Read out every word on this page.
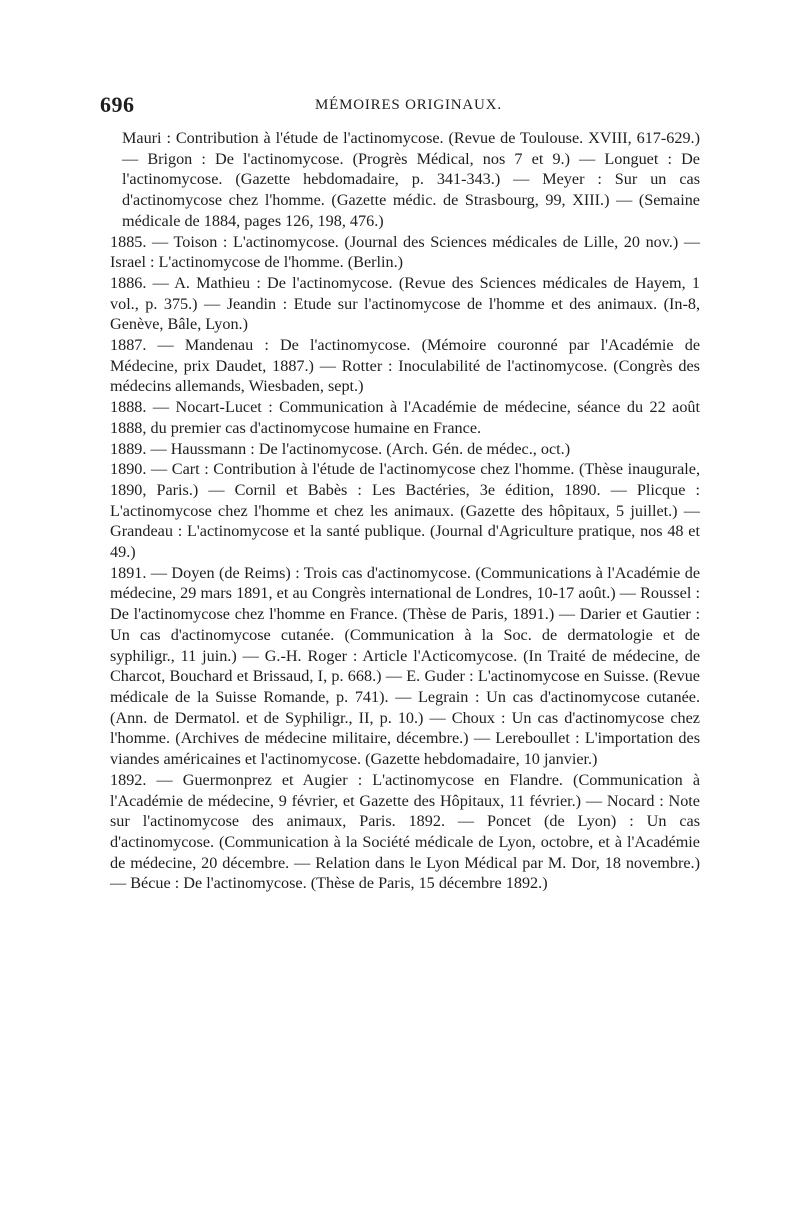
696	MÉMOIRES ORIGINAUX.

Mauri : Contribution à l'étude de l'actinomycose. (Revue de Toulouse. XVIII, 617-629.) — Brigon : De l'actinomycose. (Progrès Médical, nos 7 et 9.) — Longuet : De l'actinomycose. (Gazette hebdomadaire, p. 341-343.) — Meyer : Sur un cas d'actinomycose chez l'homme. (Gazette médic. de Strasbourg, 99, XIII.) — (Semaine médicale de 1884, pages 126, 198, 476.)

1885. — Toison : L'actinomycose. (Journal des Sciences médicales de Lille, 20 nov.) — Israel : L'actinomycose de l'homme. (Berlin.)

1886. — A. Mathieu : De l'actinomycose. (Revue des Sciences médicales de Hayem, 1 vol., p. 375.) — Jeandin : Etude sur l'actinomycose de l'homme et des animaux. (In-8, Genève, Bâle, Lyon.)

1887. — Mandenau : De l'actinomycose. (Mémoire couronné par l'Académie de Médecine, prix Daudet, 1887.) — Rotter : Inoculabilité de l'actinomycose. (Congrès des médecins allemands, Wiesbaden, sept.)

1888. — Nocart-Lucet : Communication à l'Académie de médecine, séance du 22 août 1888, du premier cas d'actinomycose humaine en France.

1889. — Haussmann : De l'actinomycose. (Arch. Gén. de médec., oct.)

1890. — Cart : Contribution à l'étude de l'actinomycose chez l'homme. (Thèse inaugurale, 1890, Paris.) — Cornil et Babès : Les Bactéries, 3e édition, 1890. — Plicque : L'actinomycose chez l'homme et chez les animaux. (Gazette des hôpitaux, 5 juillet.) — Grandeau : L'actinomycose et la santé publique. (Journal d'Agriculture pratique, nos 48 et 49.)

1891. — Doyen (de Reims) : Trois cas d'actinomycose. (Communications à l'Académie de médecine, 29 mars 1891, et au Congrès international de Londres, 10-17 août.) — Roussel : De l'actinomycose chez l'homme en France. (Thèse de Paris, 1891.) — Darier et Gautier : Un cas d'actinomycose cutanée. (Communication à la Soc. de dermatologie et de syphiligr., 11 juin.) — G.-H. Roger : Article l'Acticomycose. (In Traité de médecine, de Charcot, Bouchard et Brissaud, I, p. 668.) — E. Guder : L'actinomycose en Suisse. (Revue médicale de la Suisse Romande, p. 741). — Legrain : Un cas d'actinomycose cutanée. (Ann. de Dermatol. et de Syphiligr., II, p. 10.) — Choux : Un cas d'actinomycose chez l'homme. (Archives de médecine militaire, décembre.) — Lereboullet : L'importation des viandes américaines et l'actinomycose. (Gazette hebdomadaire, 10 janvier.)

1892. — Guermonprez et Augier : L'actinomycose en Flandre. (Communication à l'Académie de médecine, 9 février, et Gazette des Hôpitaux, 11 février.) — Nocard : Note sur l'actinomycose des animaux, Paris. 1892. — Poncet (de Lyon) : Un cas d'actinomycose. (Communication à la Société médicale de Lyon, octobre, et à l'Académie de médecine, 20 décembre. — Relation dans le Lyon Médical par M. Dor, 18 novembre.) — Bécue : De l'actinomycose. (Thèse de Paris, 15 décembre 1892.)
